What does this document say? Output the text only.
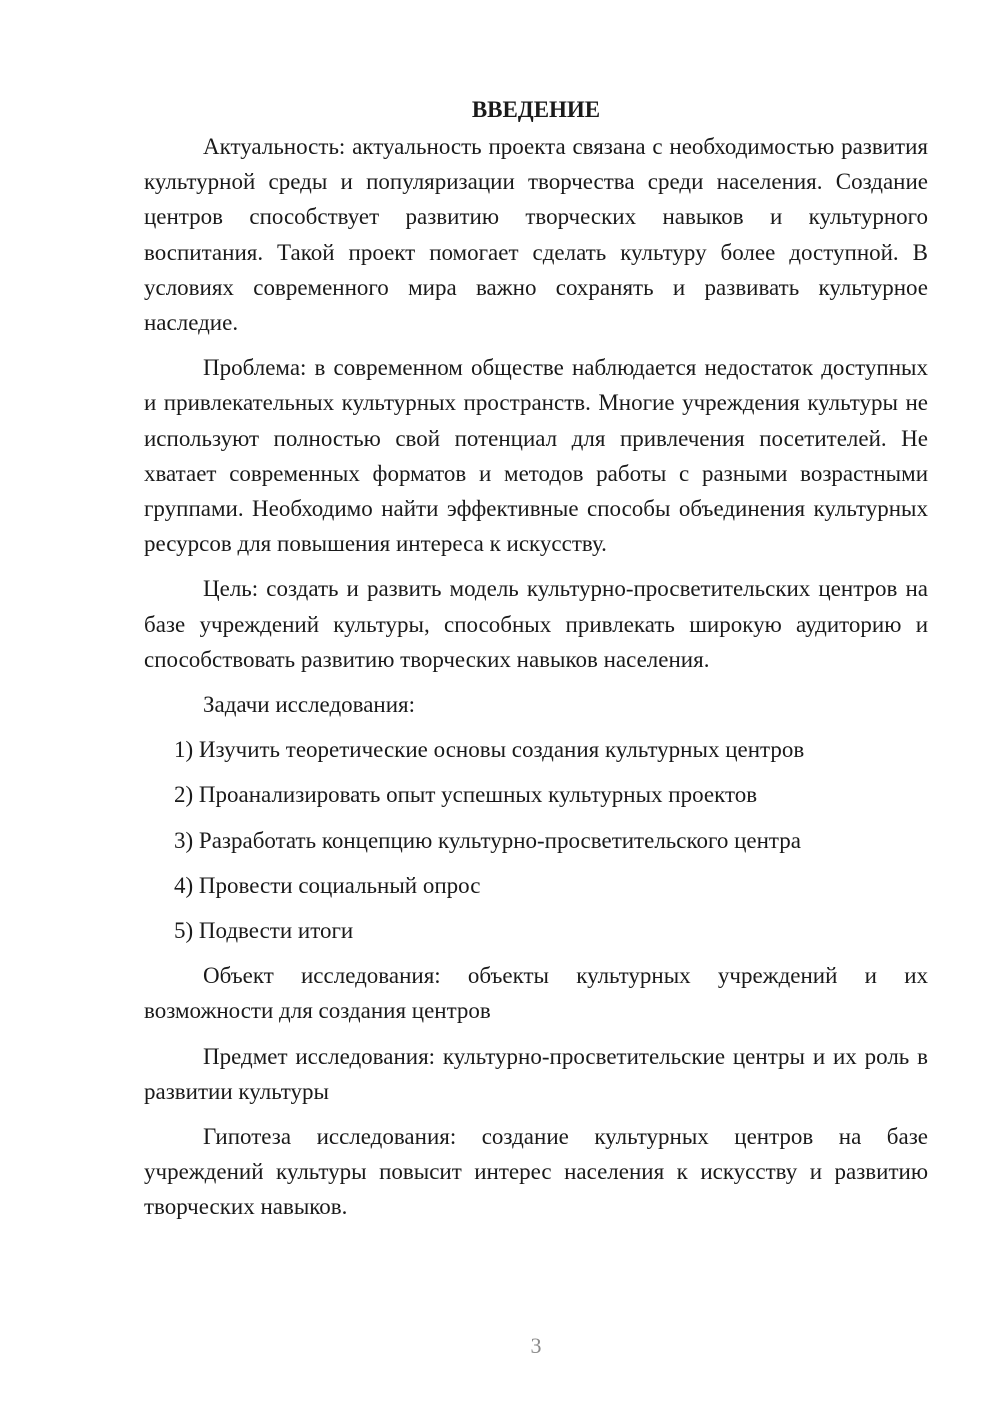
ВВЕДЕНИЕ

Актуальность: актуальность проекта связана с необходимостью развития культурной среды и популяризации творчества среди населения. Создание центров способствует развитию творческих навыков и культурного воспитания. Такой проект помогает сделать культуру более доступной. В условиях современного мира важно сохранять и развивать культурное наследие.

Проблема: в современном обществе наблюдается недостаток доступных и привлекательных культурных пространств. Многие учреждения культуры не используют полностью свой потенциал для привлечения посетителей. Не хватает современных форматов и методов работы с разными возрастными группами. Необходимо найти эффективные способы объединения культурных ресурсов для повышения интереса к искусству.

Цель: создать и развить модель культурно-просветительских центров на базе учреждений культуры, способных привлекать широкую аудиторию и способствовать развитию творческих навыков населения.

Задачи исследования:

1) Изучить теоретические основы создания культурных центров
2) Проанализировать опыт успешных культурных проектов
3) Разработать концепцию культурно-просветительского центра
4) Провести социальный опрос
5) Подвести итоги

Объект исследования: объекты культурных учреждений и их возможности для создания центров

Предмет исследования: культурно-просветительские центры и их роль в развитии культуры

Гипотеза исследования: создание культурных центров на базе учреждений культуры повысит интерес населения к искусству и развитию творческих навыков.

3
